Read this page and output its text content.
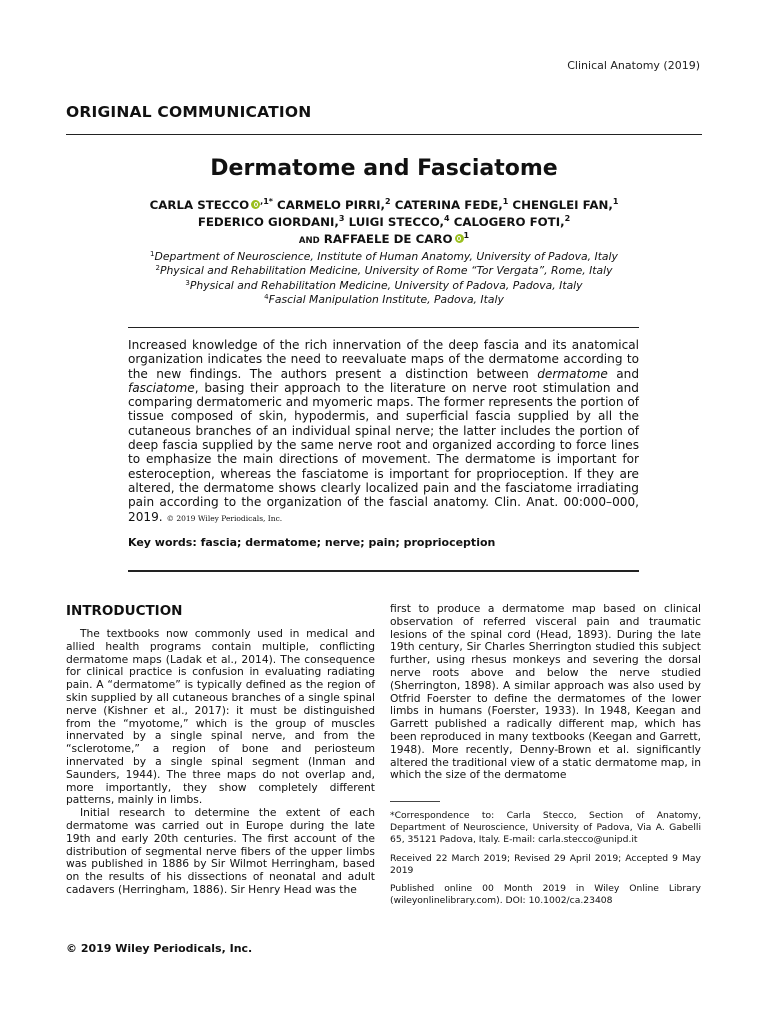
Clinical Anatomy (2019)
ORIGINAL COMMUNICATION
Dermatome and Fasciatome
CARLA STECCO $^{,1*}$ CARMELO PIRRI,$^2$ CATERINA FEDE,$^1$ CHENGLEI FAN,$^1$
FEDERICO GIORDANI,$^3$ LUIGI STECCO,$^4$ CALOGERO FOTI,$^2$
AND RAFFAELE DE CARO $^1$
$^1$Department of Neuroscience, Institute of Human Anatomy, University of Padova, Italy
$^2$Physical and Rehabilitation Medicine, University of Rome “Tor Vergata”, Rome, Italy
$^3$Physical and Rehabilitation Medicine, University of Padova, Padova, Italy
$^4$Fascial Manipulation Institute, Padova, Italy

Increased knowledge of the rich innervation of the deep fascia and its anatomical organization indicates the need to reevaluate maps of the dermatome according to the new findings. The authors present a distinction between dermatome and fasciatome, basing their approach to the literature on nerve root stimulation and comparing dermatomeric and myomeric maps. The former represents the portion of tissue composed of skin, hypodermis, and superficial fascia supplied by all the cutaneous branches of an individual spinal nerve; the latter includes the portion of deep fascia supplied by the same nerve root and organized according to force lines to emphasize the main directions of movement. The dermatome is important for esteroception, whereas the fasciatome is important for proprioception. If they are altered, the dermatome shows clearly localized pain and the fasciatome irradiating pain according to the organization of the fascial anatomy. Clin. Anat. 00:000–000, 2019. © 2019 Wiley Periodicals, Inc.

Key words: fascia; dermatome; nerve; pain; proprioception
INTRODUCTION

The textbooks now commonly used in medical and allied health programs contain multiple, conflicting dermatome maps (Ladak et al., 2014). The consequence for clinical practice is confusion in evaluating radiating pain. A “dermatome” is typically defined as the region of skin supplied by all cutaneous branches of a single spinal nerve (Kishner et al., 2017): it must be distinguished from the “myotome,” which is the group of muscles innervated by a single spinal nerve, and from the “sclerotome,” a region of bone and periosteum innervated by a single spinal segment (Inman and Saunders, 1944). The three maps do not overlap and, more importantly, they show completely different patterns, mainly in limbs.

Initial research to determine the extent of each dermatome was carried out in Europe during the late 19th and early 20th centuries. The first account of the distribution of segmental nerve fibers of the upper limbs was published in 1886 by Sir Wilmot Herringham, based on the results of his dissections of neonatal and adult cadavers (Herringham, 1886). Sir Henry Head was the

first to produce a dermatome map based on clinical observation of referred visceral pain and traumatic lesions of the spinal cord (Head, 1893). During the late 19th century, Sir Charles Sherrington studied this subject further, using rhesus monkeys and severing the dorsal nerve roots above and below the nerve studied (Sherrington, 1898). A similar approach was also used by Otfrid Foerster to define the dermatomes of the lower limbs in humans (Foerster, 1933). In 1948, Keegan and Garrett published a radically different map, which has been reproduced in many textbooks (Keegan and Garrett, 1948). More recently, Denny-Brown et al. significantly altered the traditional view of a static dermatome map, in which the size of the dermatome

*Correspondence to: Carla Stecco, Section of Anatomy, Department of Neuroscience, University of Padova, Via A. Gabelli 65, 35121 Padova, Italy. E-mail: carla.stecco@unipd.it

Received 22 March 2019; Revised 29 April 2019; Accepted 9 May 2019

Published online 00 Month 2019 in Wiley Online Library (wileyonlinelibrary.com). DOI: 10.1002/ca.23408

© 2019 Wiley Periodicals, Inc.
